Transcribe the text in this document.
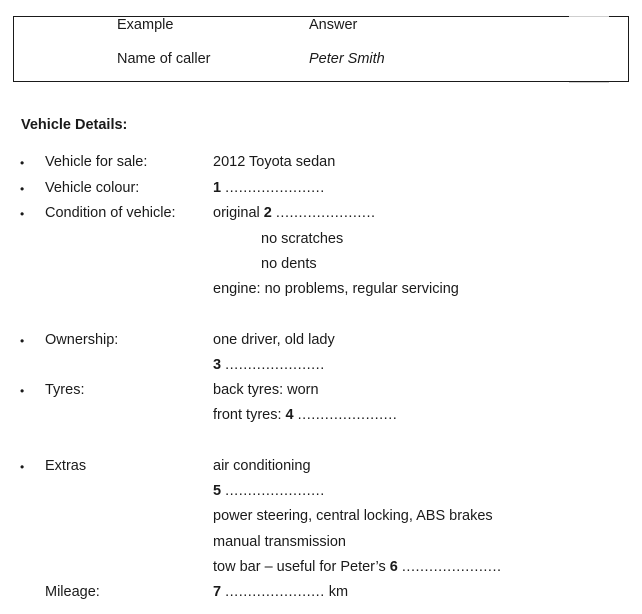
Example	Answer
Name of caller	Peter Smith
Vehicle Details:
• Vehicle for sale:	2012 Toyota sedan
• Vehicle colour:	1 ......................
• Condition of vehicle:	original 2 ......................
no scratches
no dents
engine: no problems, regular servicing
• Ownership:	one driver, old lady
3 ......................
• Tyres:	back tyres: worn
front tyres: 4 ......................
• Extras	air conditioning
5 ......................
power steering, central locking, ABS brakes
manual transmission
tow bar – useful for Peter’s 6 ......................
Mileage:	7 ...................... km
